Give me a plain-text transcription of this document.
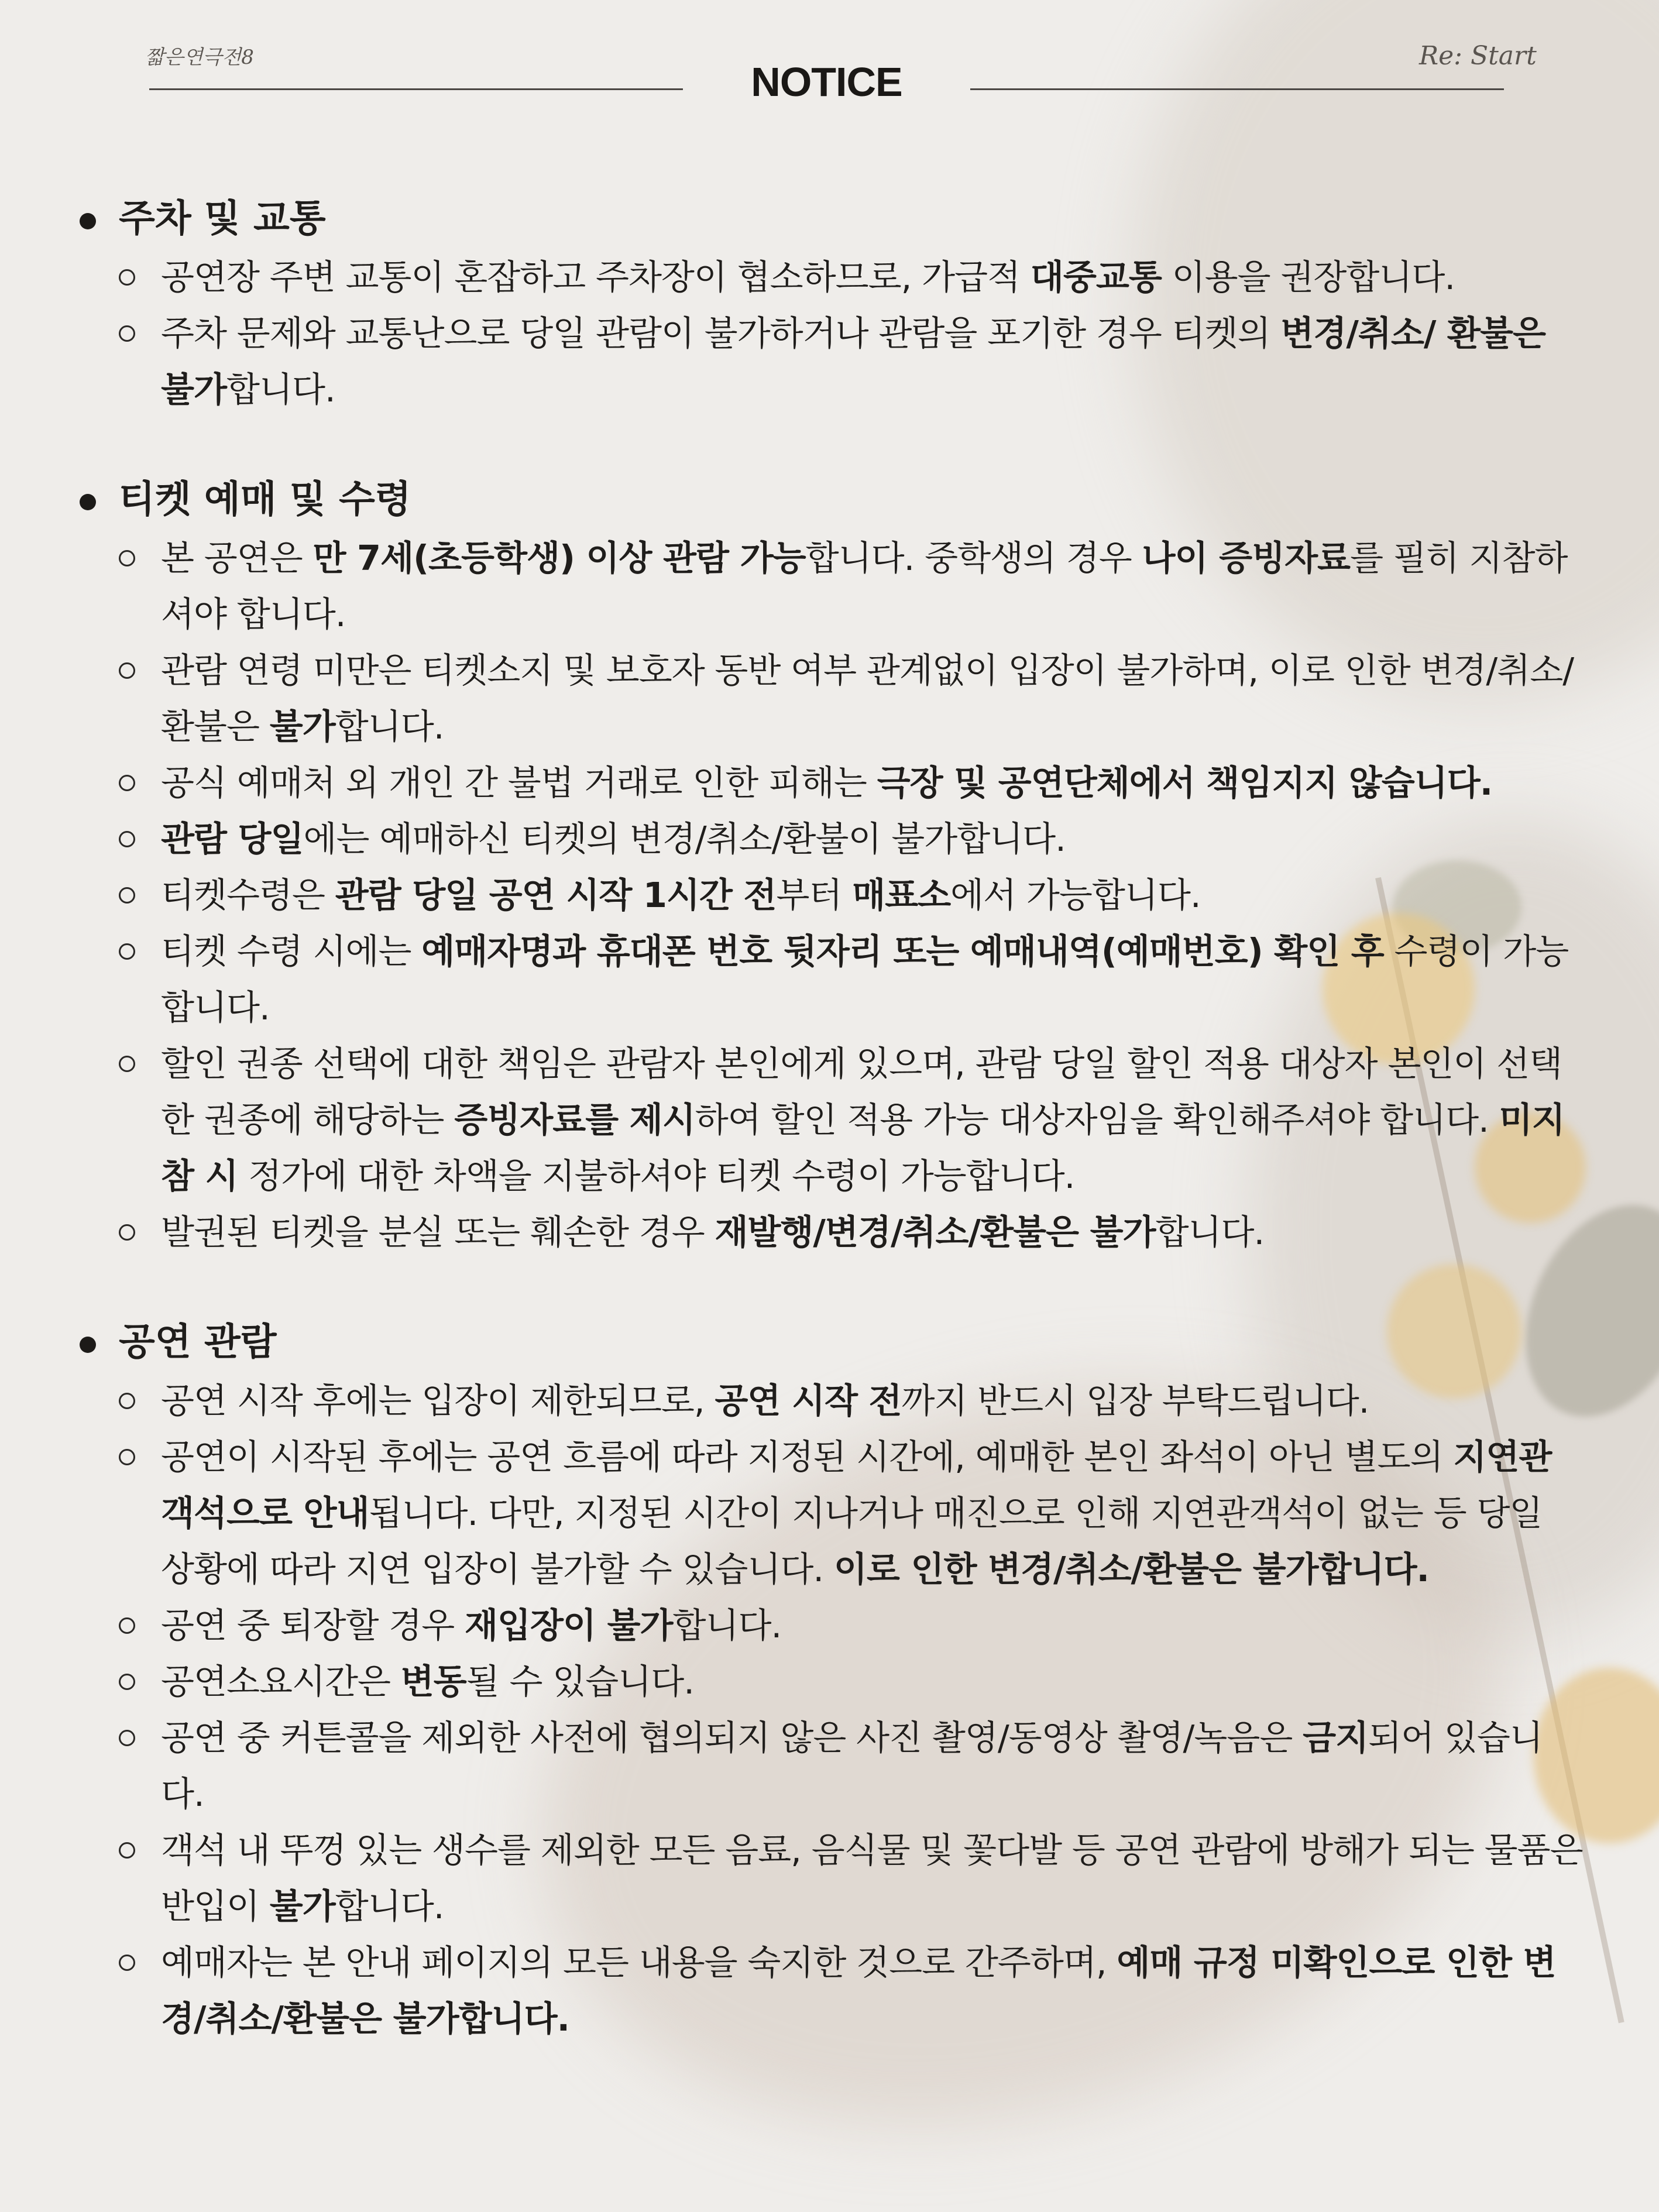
짧은연극전8
NOTICE
Re: Start
주차 및 교통
공연장 주변 교통이 혼잡하고 주차장이 협소하므로, 가급적 대중교통 이용을 권장합니다.
주차 문제와 교통난으로 당일 관람이 불가하거나 관람을 포기한 경우 티켓의 변경/취소/ 환불은 불가합니다.
티켓 예매 및 수령
본 공연은 만 7세(초등학생) 이상 관람 가능합니다. 중학생의 경우 나이 증빙자료를 필히 지참하셔야 합니다.
관람 연령 미만은 티켓소지 및 보호자 동반 여부 관계없이 입장이 불가하며, 이로 인한 변경/취소/환불은 불가합니다.
공식 예매처 외 개인 간 불법 거래로 인한 피해는 극장 및 공연단체에서 책임지지 않습니다.
관람 당일에는 예매하신 티켓의 변경/취소/환불이 불가합니다.
티켓수령은 관람 당일 공연 시작 1시간 전부터 매표소에서 가능합니다.
티켓 수령 시에는 예매자명과 휴대폰 번호 뒷자리 또는 예매내역(예매번호) 확인 후 수령이 가능합니다.
할인 권종 선택에 대한 책임은 관람자 본인에게 있으며, 관람 당일 할인 적용 대상자 본인이 선택한 권종에 해당하는 증빙자료를 제시하여 할인 적용 가능 대상자임을 확인해주셔야 합니다. 미지참 시 정가에 대한 차액을 지불하셔야 티켓 수령이 가능합니다.
발권된 티켓을 분실 또는 훼손한 경우 재발행/변경/취소/환불은 불가합니다.
공연 관람
공연 시작 후에는 입장이 제한되므로, 공연 시작 전까지 반드시 입장 부탁드립니다.
공연이 시작된 후에는 공연 흐름에 따라 지정된 시간에, 예매한 본인 좌석이 아닌 별도의 지연관객석으로 안내됩니다. 다만, 지정된 시간이 지나거나 매진으로 인해 지연관객석이 없는 등 당일 상황에 따라 지연 입장이 불가할 수 있습니다. 이로 인한 변경/취소/환불은 불가합니다.
공연 중 퇴장할 경우 재입장이 불가합니다.
공연소요시간은 변동될 수 있습니다.
공연 중 커튼콜을 제외한 사전에 협의되지 않은 사진 촬영/동영상 촬영/녹음은 금지되어 있습니다.
객석 내 뚜껑 있는 생수를 제외한 모든 음료, 음식물 및 꽃다발 등 공연 관람에 방해가 되는 물품은 반입이 불가합니다.
예매자는 본 안내 페이지의 모든 내용을 숙지한 것으로 간주하며, 예매 규정 미확인으로 인한 변경/취소/환불은 불가합니다.
